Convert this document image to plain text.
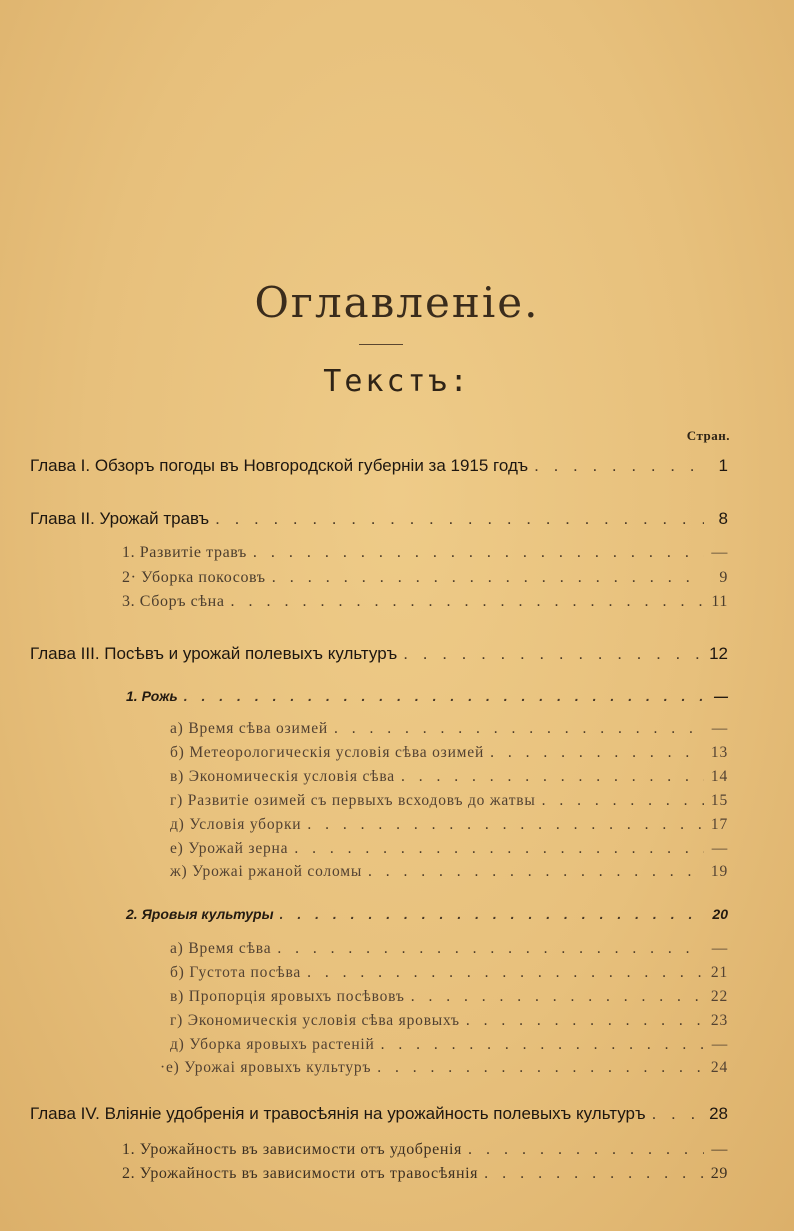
Оглавленіе.
Текстъ:
Стран.
Глава I. Обзоръ погоды въ Новгородской губерніи за 1915 годъ . . .	1
Глава II. Урожай травъ . . .	8
1. Развитіе травъ . . .	—
2· Уборка покосовъ . . .	9
3. Сборъ сѣна . . .	11
Глава III. Посѣвъ и урожай полевыхъ культуръ . . .	12
1. Рожь . . .	—
а) Время сѣва озимей . . .	—
б) Метеорологическія условія сѣва озимей . . .	13
в) Экономическія условія сѣва . . .	14
г) Развитіе озимей съ первыхъ всходовъ до жатвы . . .	15
д) Условія уборки . . .	17
е) Урожай зерна . . .	—
ж) Урожаі ржаной соломы . . .	19
2. Яровыя культуры . . .	20
а) Время сѣва . . .	—
б) Густота посѣва . . .	21
в) Пропорція яровыхъ посѣвовъ . . .	22
г) Экономическія условія сѣва яровыхъ . . .	23
д) Уборка яровыхъ растеній . . .	—
·е) Урожаі яровыхъ культуръ . . .	24
Глава IV. Вліяніе удобренія и травосѣянія на урожайность полевыхъ культуръ . . .	28
1. Урожайность въ зависимости отъ удобренія . . .	—
2. Урожайность въ зависимости отъ травосѣянія . . .	29
